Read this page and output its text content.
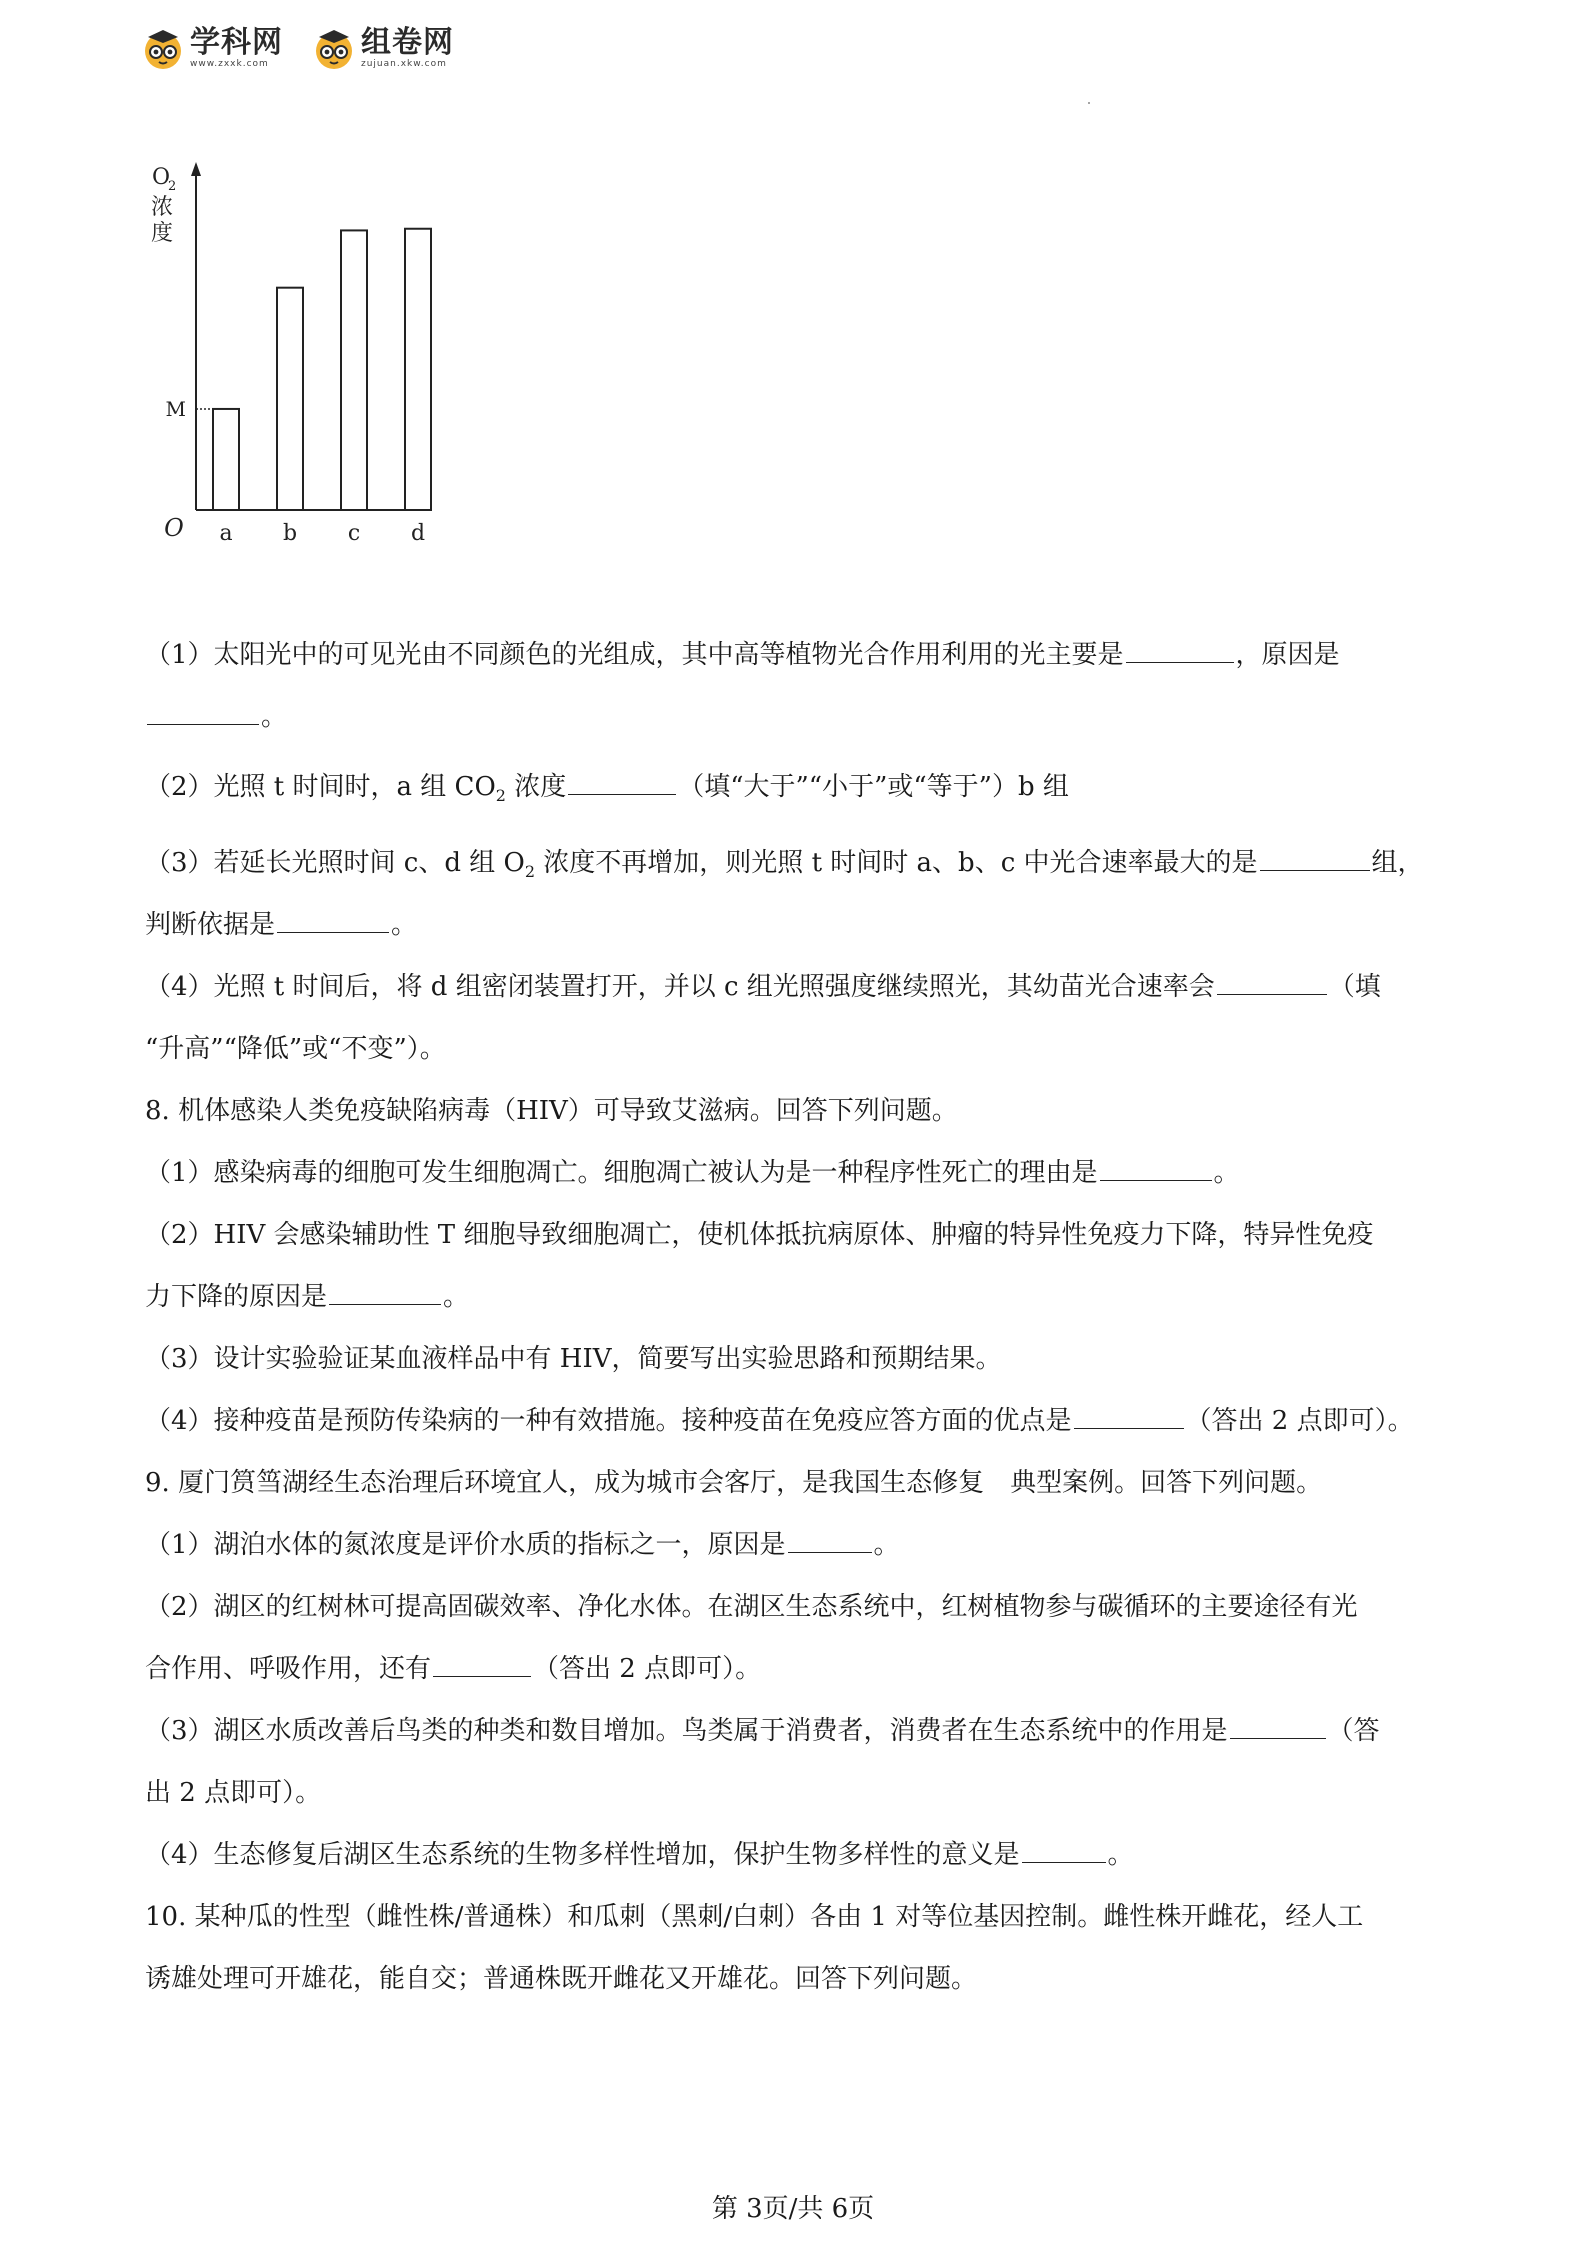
学科网
www.zxxk.com
组卷网
zujuan.xkw.com
a b c d
M
O
O
2
浓
度
（1）太阳光中的可见光由不同颜色的光组成，其中高等植物光合作用利用的光主要是	，原因是
。
（2）光照 t 时间时，a 组 $CO_2$ 浓度	（填“大于”“小于”或“等于”）b 组
（3）若延长光照时间 c、d 组 $O_2$ 浓度不再增加，则光照 t 时间时 a、b、c 中光合速率最大的是	组，
判断依据是	。
（4）光照 t 时间后，将 d 组密闭装置打开，并以 c 组光照强度继续照光，其幼苗光合速率会	（填
“升高”“降低”或“不变”）。
8. 机体感染人类免疫缺陷病毒（HIV）可导致艾滋病。回答下列问题。
（1）感染病毒的细胞可发生细胞凋亡。细胞凋亡被认为是一种程序性死亡的理由是	。
（2）HIV 会感染辅助性 T 细胞导致细胞凋亡，使机体抵抗病原体、肿瘤的特异性免疫力下降，特异性免疫
力下降的原因是	。
（3）设计实验验证某血液样品中有 HIV，简要写出实验思路和预期结果。
（4）接种疫苗是预防传染病的一种有效措施。接种疫苗在免疫应答方面的优点是	（答出 2 点即可）。
9. 厦门筼筜湖经生态治理后环境宜人，成为城市会客厅，是我国生态修复　典型案例。回答下列问题。
（1）湖泊水体的氮浓度是评价水质的指标之一，原因是	。
（2）湖区的红树林可提高固碳效率、净化水体。在湖区生态系统中，红树植物参与碳循环的主要途径有光
合作用、呼吸作用，还有	（答出 2 点即可）。
（3）湖区水质改善后鸟类的种类和数目增加。鸟类属于消费者，消费者在生态系统中的作用是	（答
出 2 点即可）。
（4）生态修复后湖区生态系统的生物多样性增加，保护生物多样性的意义是	。
10. 某种瓜的性型（雌性株/普通株）和瓜刺（黑刺/白刺）各由 1 对等位基因控制。雌性株开雌花，经人工
诱雄处理可开雄花，能自交；普通株既开雌花又开雄花。回答下列问题。
第 3页/共 6页
